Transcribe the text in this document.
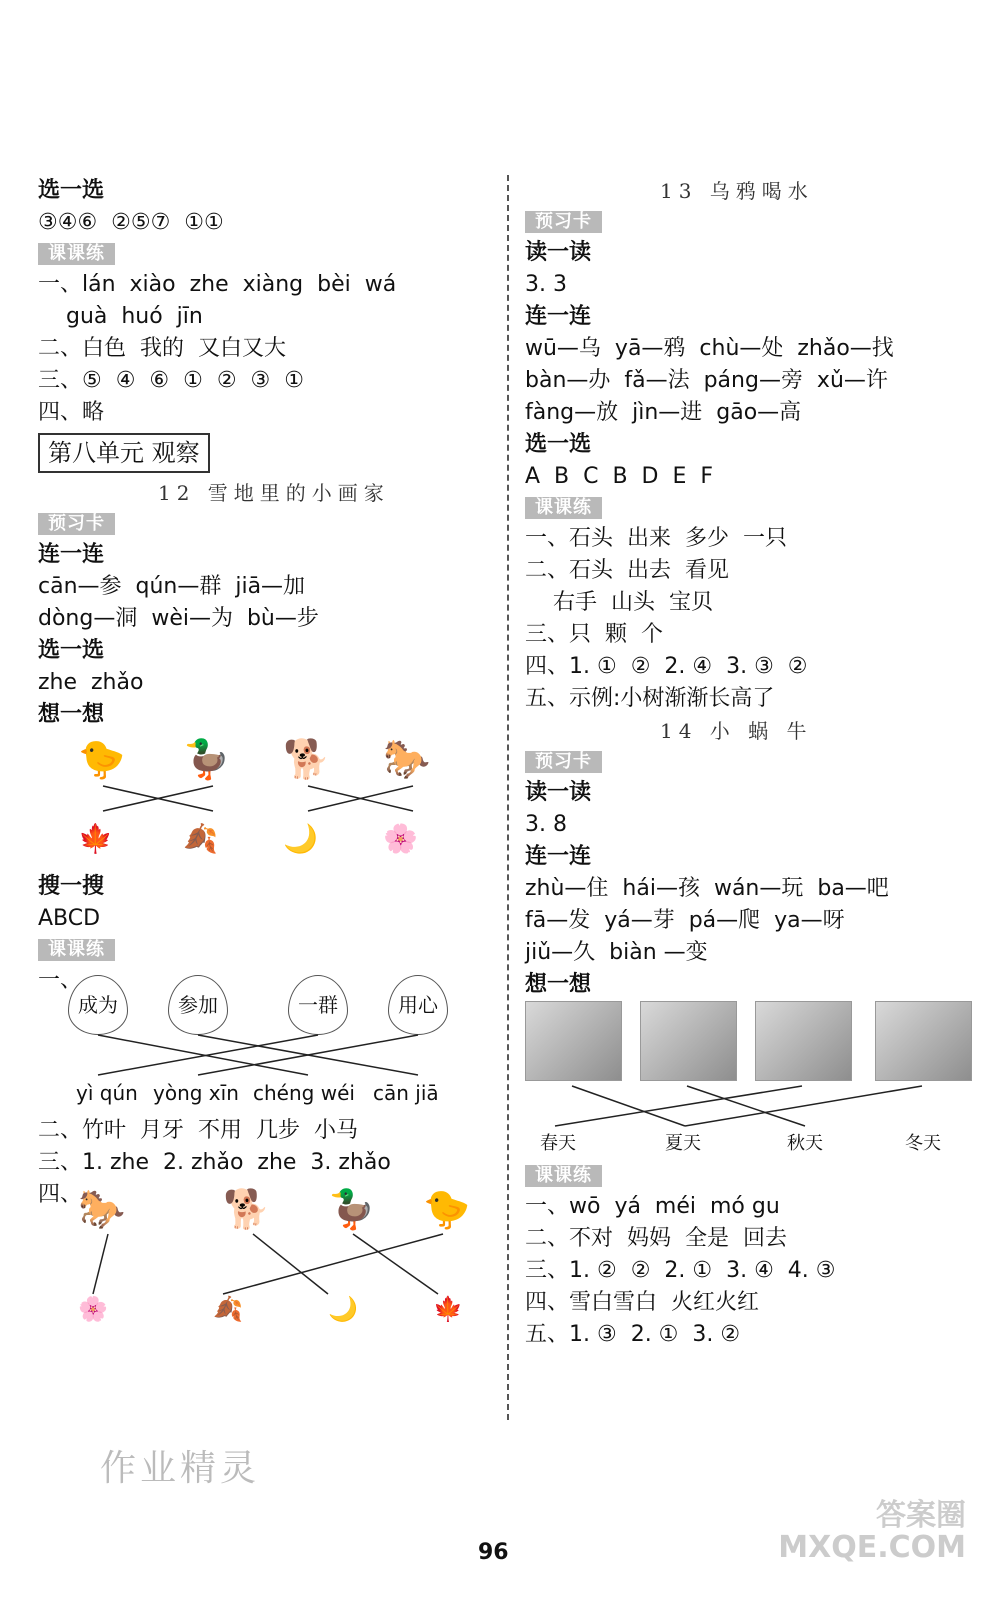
选一选
③④⑥  ②⑤⑦  ①①
课课练
一、lán  xiào  zhe  xiàng  bèi  wá
guà  huó  jīn
二、白色  我的  又白又大
三、⑤  ④  ⑥  ①  ②  ③  ①
四、略
第八单元 观察
12 雪地里的小画家
预习卡
连一连
cān—参  qún—群  jiā—加
dòng—洞  wèi—为  bù—步
选一选
zhe  zhǎo
想一想
🐤 🦆 🐕 🐎
🍁	🍂 🌙 🌸
搜一搜
ABCD
课课练
一、
成为	参加	一群	用心
yì qún yòng xīn chéng wéi cān jiā
二、竹叶  月牙  不用  几步  小马
三、1. zhe  2. zhǎo  zhe  3. zhǎo
四、
🐎	🐕 🦆 🐤
🌸	🍂	🌙	🍁
13 乌鸦喝水
预习卡
读一读
3. 3
连一连
wū—乌  yā—鸦  chù—处  zhǎo—找
bàn—办  fǎ—法  páng—旁  xǔ—许
fàng—放  jìn—进  gāo—高
选一选
A  B  C  B  D  E  F
课课练
一、石头  出来  多少  一只
二、石头  出去  看见
右手  山头  宝贝
三、只  颗  个
四、1. ①  ②  2. ④  3. ③  ②
五、示例:小树渐渐长高了
14 小 蜗 牛
预习卡
读一读
3. 8
连一连
zhù—住  hái—孩  wán—玩  ba—吧
fā—发  yá—芽  pá—爬  ya—呀
jiǔ—久  biàn —变
想一想
春天	夏天	秋天	冬天
课课练
一、wō  yá  méi  mó gu
二、不对  妈妈  全是  回去
三、1. ②  ②  2. ①  3. ④  4. ③
四、雪白雪白  火红火红
五、1. ③  2. ①  3. ②
作业精灵
96
答案圈
MXQE.COM
